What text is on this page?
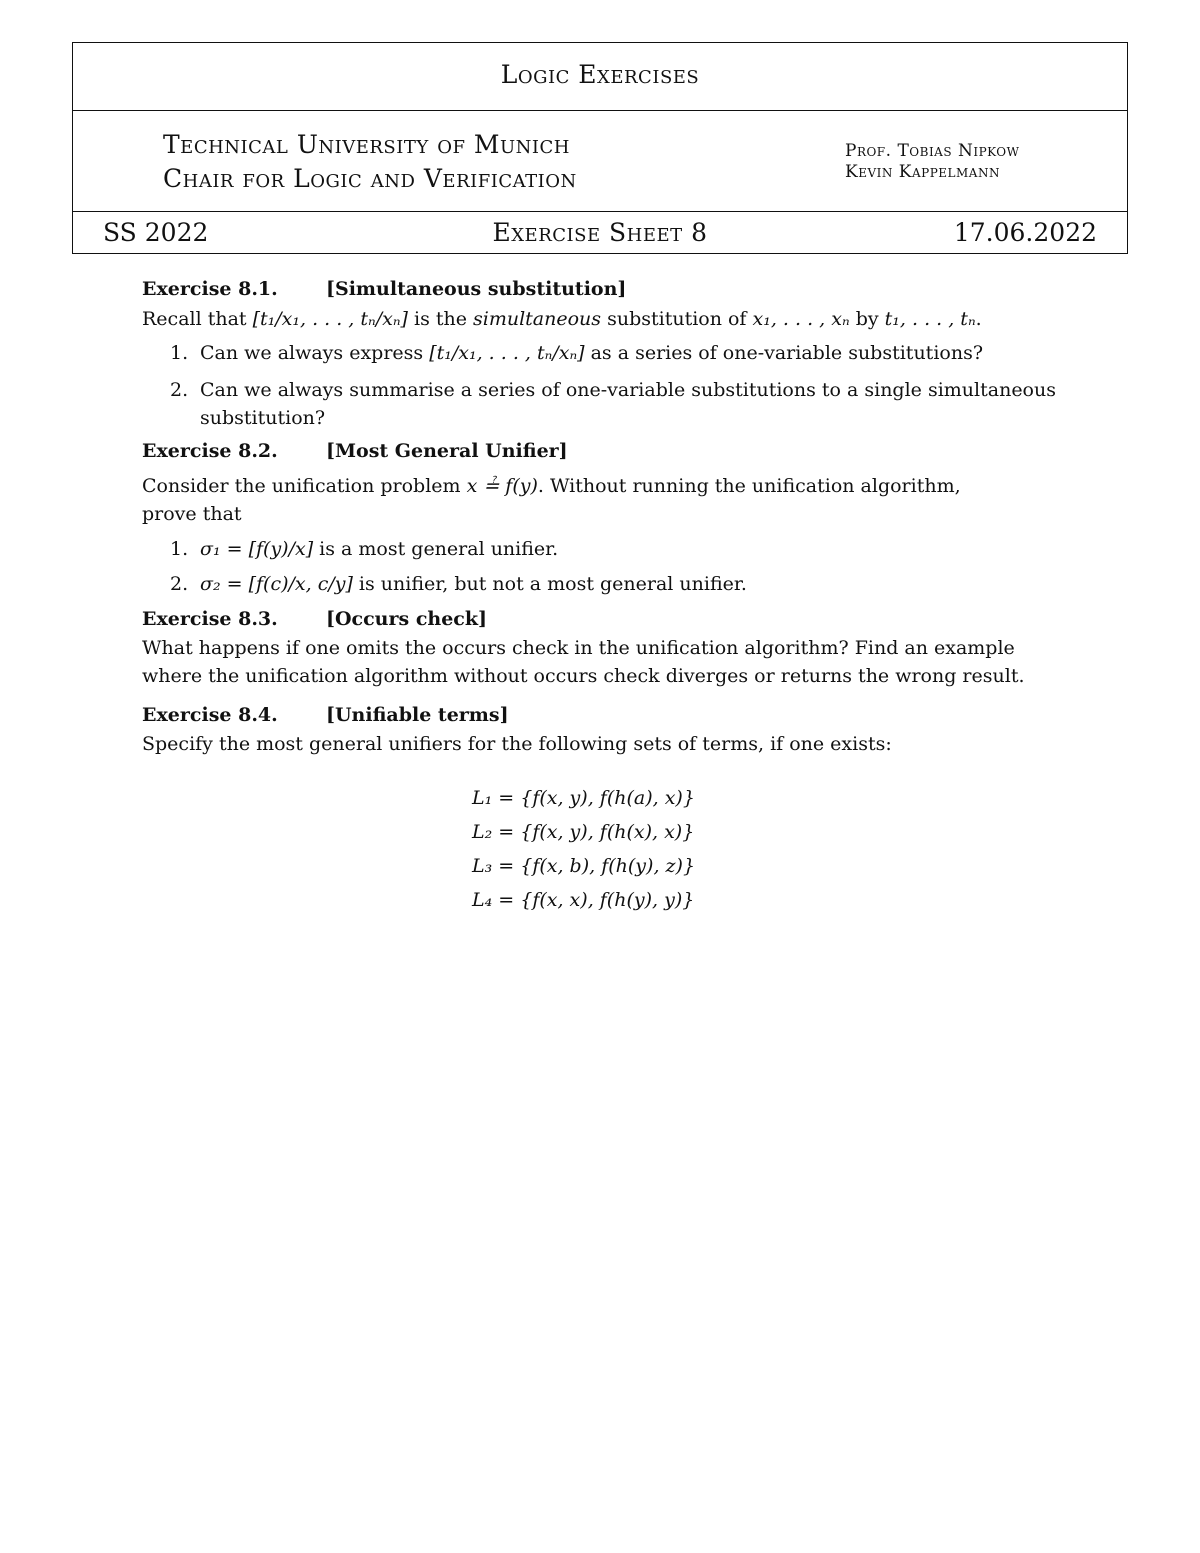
Logic Exercises
Technical University of Munich
Chair for Logic and Verification
Prof. Tobias Nipkow
Kevin Kappelmann
SS 2022	Exercise Sheet 8	17.06.2022
Exercise 8.1.	[Simultaneous substitution]
Recall that [t₁/x₁, . . . , tₙ/xₙ] is the simultaneous substitution of x₁, . . . , xₙ by t₁, . . . , tₙ.
1. Can we always express [t₁/x₁, . . . , tₙ/xₙ] as a series of one-variable substitutions?
2. Can we always summarise a series of one-variable substitutions to a single simultaneous
substitution?
Exercise 8.2.	[Most General Unifier]
Consider the unification problem x ≟ f(y). Without running the unification algorithm,
prove that
1. σ₁ = [f(y)/x] is a most general unifier.
2. σ₂ = [f(c)/x, c/y] is unifier, but not a most general unifier.
Exercise 8.3.	[Occurs check]
What happens if one omits the occurs check in the unification algorithm? Find an example
where the unification algorithm without occurs check diverges or returns the wrong result.
Exercise 8.4.	[Unifiable terms]
Specify the most general unifiers for the following sets of terms, if one exists:
L₁ = {f(x, y), f(h(a), x)}
L₂ = {f(x, y), f(h(x), x)}
L₃ = {f(x, b), f(h(y), z)}
L₄ = {f(x, x), f(h(y), y)}
